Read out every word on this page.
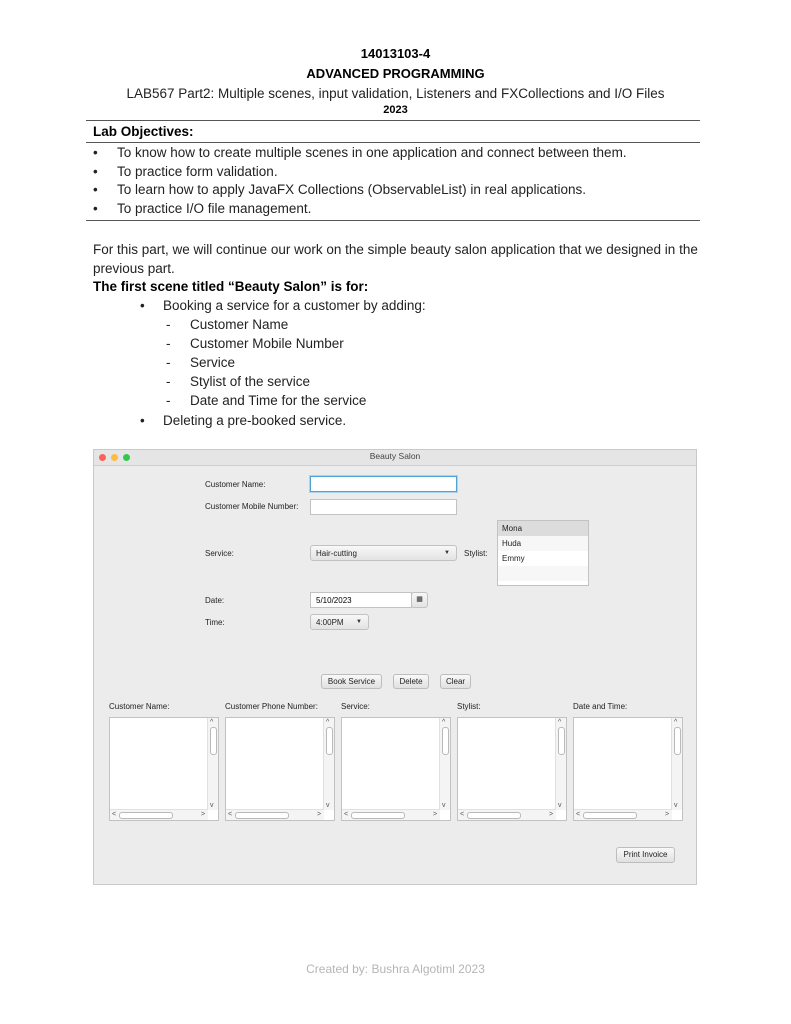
14013103-4
ADVANCED PROGRAMMING
LAB567 Part2: Multiple scenes, input validation, Listeners and FXCollections and I/O Files
2023
Lab Objectives:
• To know how to create multiple scenes in one application and connect between them.
• To practice form validation.
• To learn how to apply JavaFX Collections (ObservableList) in real applications.
• To practice I/O file management.
For this part, we will continue our work on the simple beauty salon application that we designed in the previous part.
The first scene titled “Beauty Salon” is for:
• Booking a service for a customer by adding:
- Customer Name
- Customer Mobile Number
- Service
- Stylist of the service
- Date and Time for the service
• Deleting a pre-booked service.
Beauty Salon
Customer Name:
Customer Mobile Number:
Service:	Hair-cutting	▼ Stylist:
Mona
Huda
Emmy
Date:	5/10/2023	▦
Time:	4:00PM ▼
Book Service	Delete	Clear
Customer Name:	Customer Phone Number:	Service:	Stylist:	Date and Time:
^
v
<	>
^
v
<	>
^
v
<	>
^
v
<	>
^
v
<	>
Print Invoice
Created by: Bushra Algotiml 2023
